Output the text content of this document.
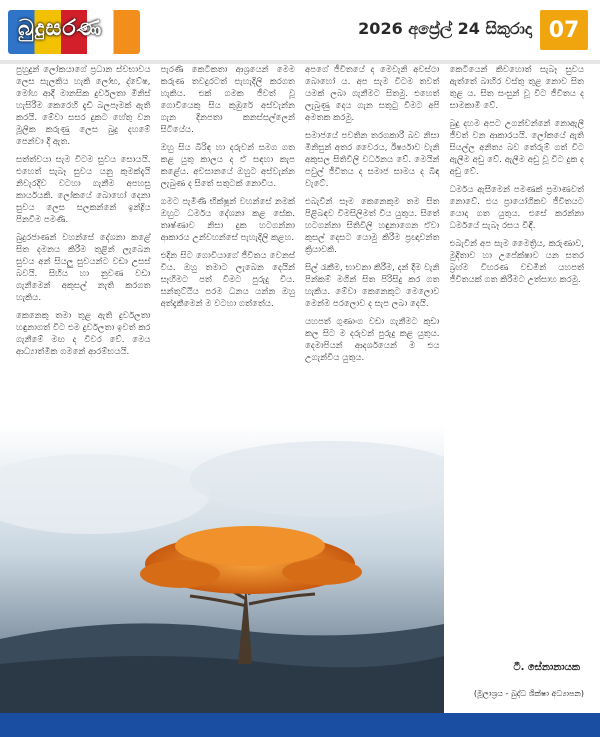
බුදුසරණ	2026 අප්‍රේල් 24 සිකුරාදා 07

පුහුදුන් ලෝකයාගේ ප්‍රධාන ස්වභාවය ලෙස සැලකිය හැකි ලෝභ, ද්වේෂ, මෝහ ආදී මානසික දුර්වලතා මිනිස් හැසිරීම කෙරෙහි දැඩි බලපෑමක් ඇති කරයි. මේවා සසර දුකට හේතු වන මූලික කරුණු ලෙස බුදු දහමේ පෙන්වා දී ඇත.

සත්ත්වයා සැම විටම සුවය සොයයි. එහෙත් සැබෑ සුවය යනු කුමක්දැයි නිවැරදිව වටහා ගැනීම අපහසු කාර්යයකි. ලෝකයේ බොහෝ දෙනා සුවය ලෙස සලකන්නේ ඉන්ද්‍රිය පිනවීම පමණි.

බුදුරජාණන් වහන්සේ දේශනා කළේ සිත දමනය කිරීම තුළින් ලැබෙන සුවය අන් සියලු සුවයන්ට වඩා උසස් බවයි. සිහිය හා නුවණ වඩා ගැනීමෙන් අකුසල් නැති කරගත හැකිය.

කෙනෙකු තමා තුළ ඇති දුර්වලතා හඳුනාගත් විට එම දුර්වලතා ඉවත් කර ගැනීමේ මඟ ද විවර වේ. මෙය ආධ්‍යාත්මික ගමනේ ආරම්භයයි.

පැරණි කෙටිකතා ආශ්‍රයෙන් මෙම කරුණ තවදුරටත් පැහැදිලි කරගත හැකිය. එක් ගමක ජීවත් වූ ගොවියෙකු සිය කුඹුරේ අස්වැන්න ගැන දිනපතා කනස්සල්ලෙන් සිටියේය.

ඔහු සිය බිරිඳ හා දරුවන් සමග ගත කළ යුතු කාලය ද ඒ සඳහා කැප කළේය. අවසානයේ ඔහුට අස්වැන්න ලැබුණ ද සිතේ සතුටක් නොවීය.

ගමට පැමිණි භික්ෂූන් වහන්සේ නමක් ඔහුට ධර්මය දේශනා කළ සේක. තෘෂ්ණාව නිසා දුක හටගන්නා ආකාරය උන්වහන්සේ පැහැදිලි කළහ.

එදින සිට ගොවියාගේ ජීවිතය වෙනස් විය. ඔහු තමාට ලැබෙන දෙයින් සෑහීමට පත් වීමට පුරුදු විය. සන්තුට්ඨිය පරම ධනය යන්න ඔහු අත්දැකීමෙන් ම වටහා ගත්තේය.

අපගේ ජීවිතයේ ද මෙවැනි අවස්ථා බොහෝ ය. අප සැම විටම තවත් යමක් ලබා ගැනීමට සිතමු. එහෙත් ලැබුණු දෙය ගැන සතුටු වීමට අපි අමතක කරමු.

සමාජයේ පවතින තරගකාරී බව නිසා මිනිසුන් අතර වෛරය, ඊර්ෂ්‍යාව වැනි අකුසල සිතිවිලි වර්ධනය වේ. මෙයින් පවුල් ජීවිතය ද සමාජ සාමය ද බිඳ වැටේ.

එබැවින් සෑම කෙනෙකුම තම සිත පිළිබඳව විමසිලිමත් විය යුතුය. සිතේ හටගන්නා සිතිවිලි හඳුනාගෙන ඒවා කුසල් දෙසට යොමු කිරීම ප්‍රඥාවන්ත ක්‍රියාවකි.

සිල් රැකීම, භාවනා කිරීම, දන් දීම වැනි පින්කම් මගින් සිත පිරිසිදු කර ගත හැකිය. මේවා කෙනෙකුට මෙලොව මෙන්ම පරලොව ද සැප ලබා දෙයි.

යහපත් ගුණාංග වඩා ගැනීමට කුඩා කල සිට ම දරුවන් පුරුදු කළ යුතුය. දෙමාපියන් ආදර්ශයෙන් ම එය උගැන්විය යුතුය.

කෙටියෙන් කිවහොත් සැබෑ සුවය ඇත්තේ බාහිර වස්තු තුළ නොව සිත තුළ ය. සිත සංසුන් වූ විට ජීවිතය ද සාමකාමී වේ.

බුදු දහම අපට උගන්වන්නේ නොඇලී ජීවත් වන ආකාරයයි. ලෝකයේ ඇති සියල්ල අනිත්‍ය බව තේරුම් ගත් විට ඇලීම අඩු වේ. ඇලීම අඩු වූ විට දුක ද අඩු වේ.

ධර්මය ඇසීමෙන් පමණක් ප්‍රමාණවත් නොවේ. එය ප්‍රායෝගිකව ජීවිතයට යොදා ගත යුතුය. එසේ කරන්නා ධර්මයේ සැබෑ රසය විඳී.

එබැවින් අප සැම මෛත්‍රිය, කරුණාව, මුදිතාව හා උපේක්ෂාව යන සතර බ්‍රහ්ම විහරණ වඩමින් යහපත් ජීවිතයක් ගත කිරීමට උත්සාහ කරමු.

ටී. සේනානායක
(මූලාශ්‍රය - බුද්ධ ශික්ෂා අධ්‍යාපන)
